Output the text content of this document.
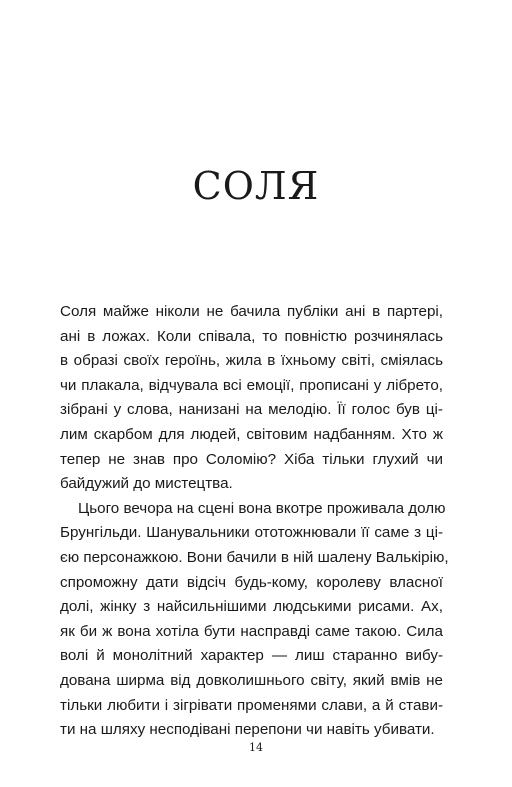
СОЛЯ

Соля майже ніколи не бачила публіки ані в партері,
ані в ложах. Коли співала, то повністю розчинялась
в образі своїх героїнь, жила в їхньому світі, сміялась
чи плакала, відчувала всі емоції, прописані у лібрето,
зібрані у слова, нанизані на мелодію. Її голос був ці-
лим скарбом для людей, світовим надбанням. Хто ж
тепер не знав про Соломію? Хіба тільки глухий чи
байдужий до мистецтва.

Цього вечора на сцені вона вкотре проживала долю
Брунгільди. Шанувальники ототожнювали її саме з ці-
єю персонажкою. Вони бачили в ній шалену Валькірію,
спроможну дати відсіч будь-кому, королеву власної
долі, жінку з найсильнішими людськими рисами. Ах,
як би ж вона хотіла бути насправді саме такою. Сила
волі й монолітний характер — лиш старанно вибу-
дована ширма від довколишнього світу, який вмів не
тільки любити і зігрівати променями слави, а й стави-
ти на шляху несподівані перепони чи навіть убивати.

14
